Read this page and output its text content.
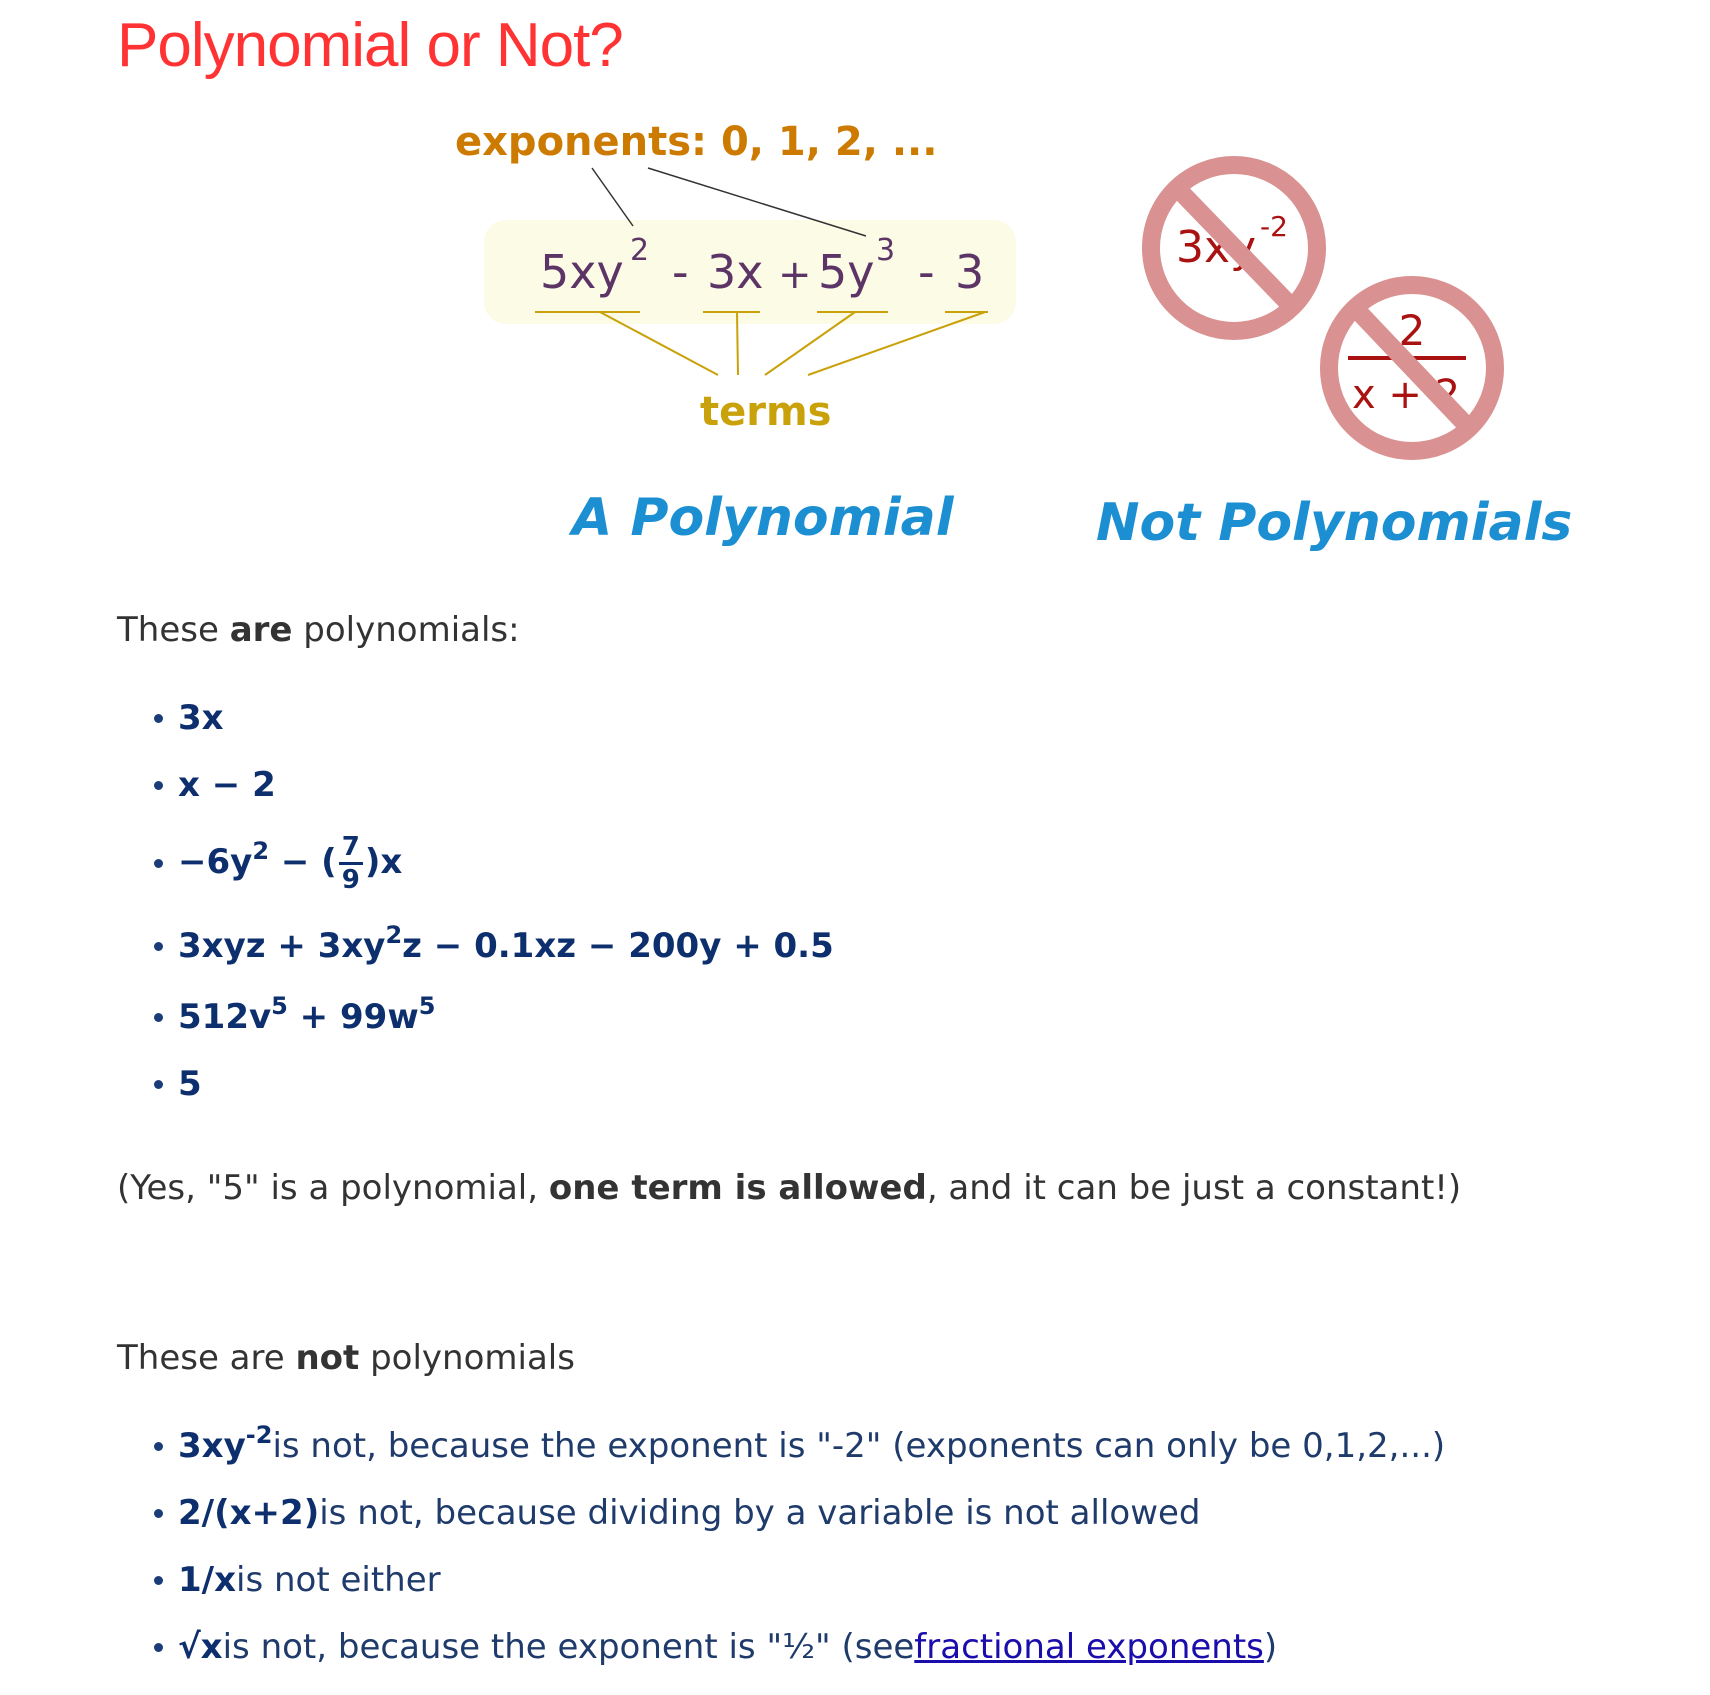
Polynomial or Not?
exponents: 0, 1, 2, ...
5xy 2 - 3x + 5y 3 - 3
terms
A Polynomial	Not Polynomials
3xy -2
2
x + 2

These are polynomials:

3x
x − 2
$-6y^2$ − ( $\frac{7}{9} )x$
$3xyz + 3xy^2z - 0.1xz - 200y + 0.5$
$512v^5 + 99w^5$
5

(Yes, "5" is a polynomial, one term is allowed, and it can be just a constant!)

These are not polynomials

$3xy^{-2}$ is not, because the exponent is "-2" (exponents can only be 0,1,2,...)
2/(x+2) is not, because dividing by a variable is not allowed
1/x is not either
√x is not, because the exponent is "½" (see fractional exponents )
